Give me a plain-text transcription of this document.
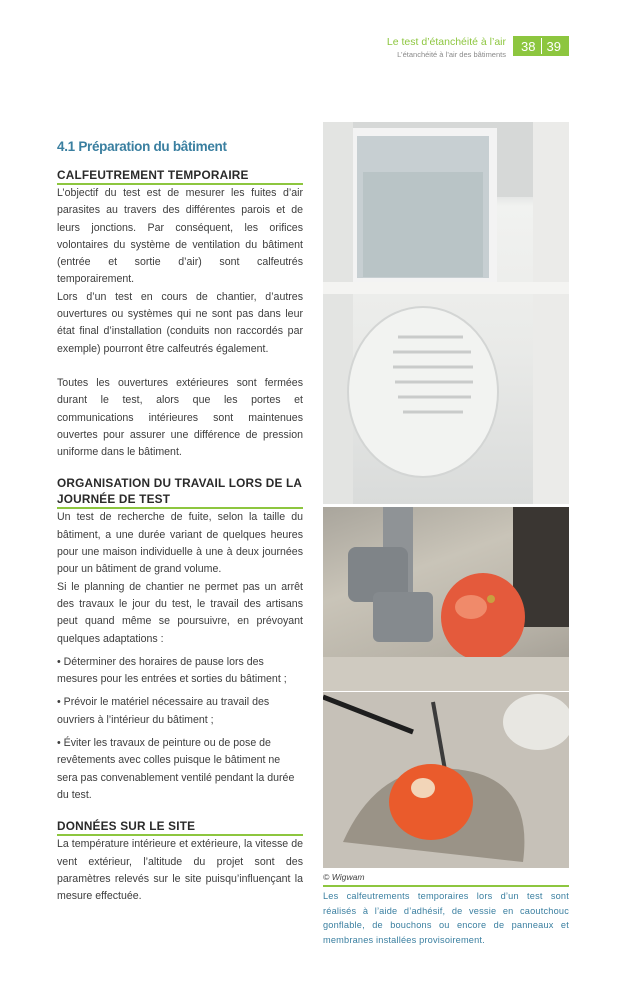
Le test d’étanchéité à l’air
L’étanchéité à l’air des bâtiments
38 39
4.1 Préparation du bâtiment
CALFEUTREMENT TEMPORAIRE

L’objectif du test est de mesurer les fuites d’air parasites au travers des différentes parois et de leurs jonctions. Par conséquent, les orifices volontaires du système de ventilation du bâtiment (entrée et sortie d’air) sont calfeutrés temporairement.

Lors d’un test en cours de chantier, d’autres ouvertures ou systèmes qui ne sont pas dans leur état final d’installation (conduits non raccordés par exemple) pourront être calfeutrés également.

Toutes les ouvertures extérieures sont fermées durant le test, alors que les portes et communications intérieures sont maintenues ouvertes pour assurer une différence de pression uniforme dans le bâtiment.

ORGANISATION DU TRAVAIL LORS DE LA JOURNÉE DE TEST

Un test de recherche de fuite, selon la taille du bâtiment, a une durée variant de quelques heures pour une maison individuelle à une à deux journées pour un bâtiment de grand volume.

Si le planning de chantier ne permet pas un arrêt des travaux le jour du test, le travail des artisans peut quand même se poursuivre, en prévoyant quelques adaptations :

• Déterminer des horaires de pause lors des mesures pour les entrées et sorties du bâtiment ;

• Prévoir le matériel nécessaire au travail des ouvriers à l’intérieur du bâtiment ;

• Éviter les travaux de peinture ou de pose de revêtements avec colles puisque le bâtiment ne sera pas convenablement ventilé pendant la durée du test.

DONNÉES SUR LE SITE

La température intérieure et extérieure, la vitesse de vent extérieur, l’altitude du projet sont des paramètres relevés sur le site puisqu’influençant la mesure effectuée.

© Wigwam
Les calfeutrements temporaires lors d’un test sont réalisés à l’aide d’adhésif, de vessie en caoutchouc gonflable, de bouchons ou encore de panneaux et membranes installées provisoirement.
